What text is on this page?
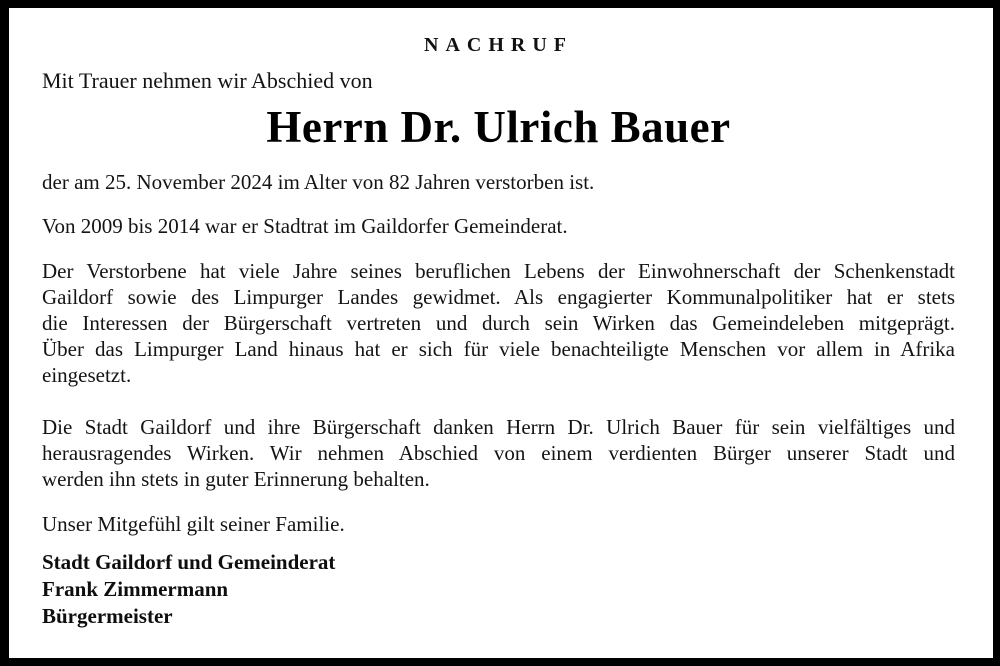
NACHRUF
Mit Trauer nehmen wir Abschied von
Herrn Dr. Ulrich Bauer
der am 25. November 2024 im Alter von 82 Jahren verstorben ist.
Von 2009 bis 2014 war er Stadtrat im Gaildorfer Gemeinderat.
Der Verstorbene hat viele Jahre seines beruflichen Lebens der Einwohnerschaft der Schenkenstadt
Gaildorf sowie des Limpurger Landes gewidmet. Als engagierter Kommunalpolitiker hat er stets
die Interessen der Bürgerschaft vertreten und durch sein Wirken das Gemeindeleben mitgeprägt.
Über das Limpurger Land hinaus hat er sich für viele benachteiligte Menschen vor allem in Afrika
eingesetzt.
Die Stadt Gaildorf und ihre Bürgerschaft danken Herrn Dr. Ulrich Bauer für sein vielfältiges und
herausragendes Wirken. Wir nehmen Abschied von einem verdienten Bürger unserer Stadt und
werden ihn stets in guter Erinnerung behalten.
Unser Mitgefühl gilt seiner Familie.
Stadt Gaildorf und Gemeinderat
Frank Zimmermann
Bürgermeister
